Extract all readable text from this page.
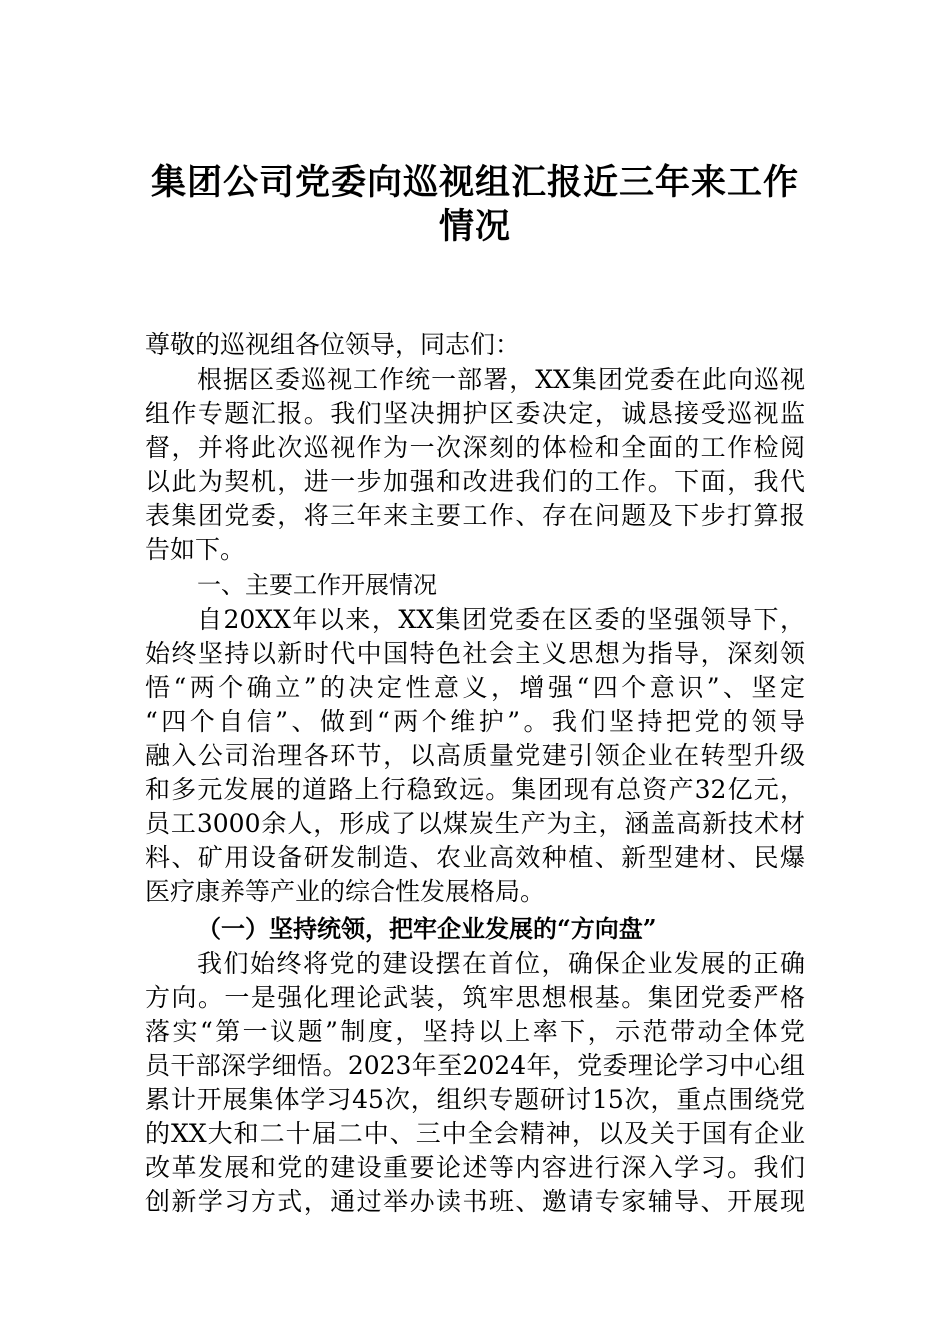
集团公司党委向巡视组汇报近三年来工作
情况
尊敬的巡视组各位领导，同志们：
根据区委巡视工作统一部署，XX集团党委在此向巡视
组作专题汇报。我们坚决拥护区委决定，诚恳接受巡视监
督，并将此次巡视作为一次深刻的体检和全面的工作检阅
以此为契机，进一步加强和改进我们的工作。下面，我代
表集团党委，将三年来主要工作、存在问题及下步打算报
告如下。
一、主要工作开展情况
自20XX年以来，XX集团党委在区委的坚强领导下，
始终坚持以新时代中国特色社会主义思想为指导，深刻领
悟“两个确立”的决定性意义，增强“四个意识”、坚定
“四个自信”、做到“两个维护”。我们坚持把党的领导
融入公司治理各环节，以高质量党建引领企业在转型升级
和多元发展的道路上行稳致远。集团现有总资产32亿元，
员工3000余人，形成了以煤炭生产为主，涵盖高新技术材
料、矿用设备研发制造、农业高效种植、新型建材、民爆
医疗康养等产业的综合性发展格局。
（一）坚持统领，把牢企业发展的“方向盘”
我们始终将党的建设摆在首位，确保企业发展的正确
方向。一是强化理论武装，筑牢思想根基。集团党委严格
落实“第一议题”制度，坚持以上率下，示范带动全体党
员干部深学细悟。2023年至2024年，党委理论学习中心组
累计开展集体学习45次，组织专题研讨15次，重点围绕党
的XX大和二十届二中、三中全会精神，以及关于国有企业
改革发展和党的建设重要论述等内容进行深入学习。我们
创新学习方式，通过举办读书班、邀请专家辅导、开展现
